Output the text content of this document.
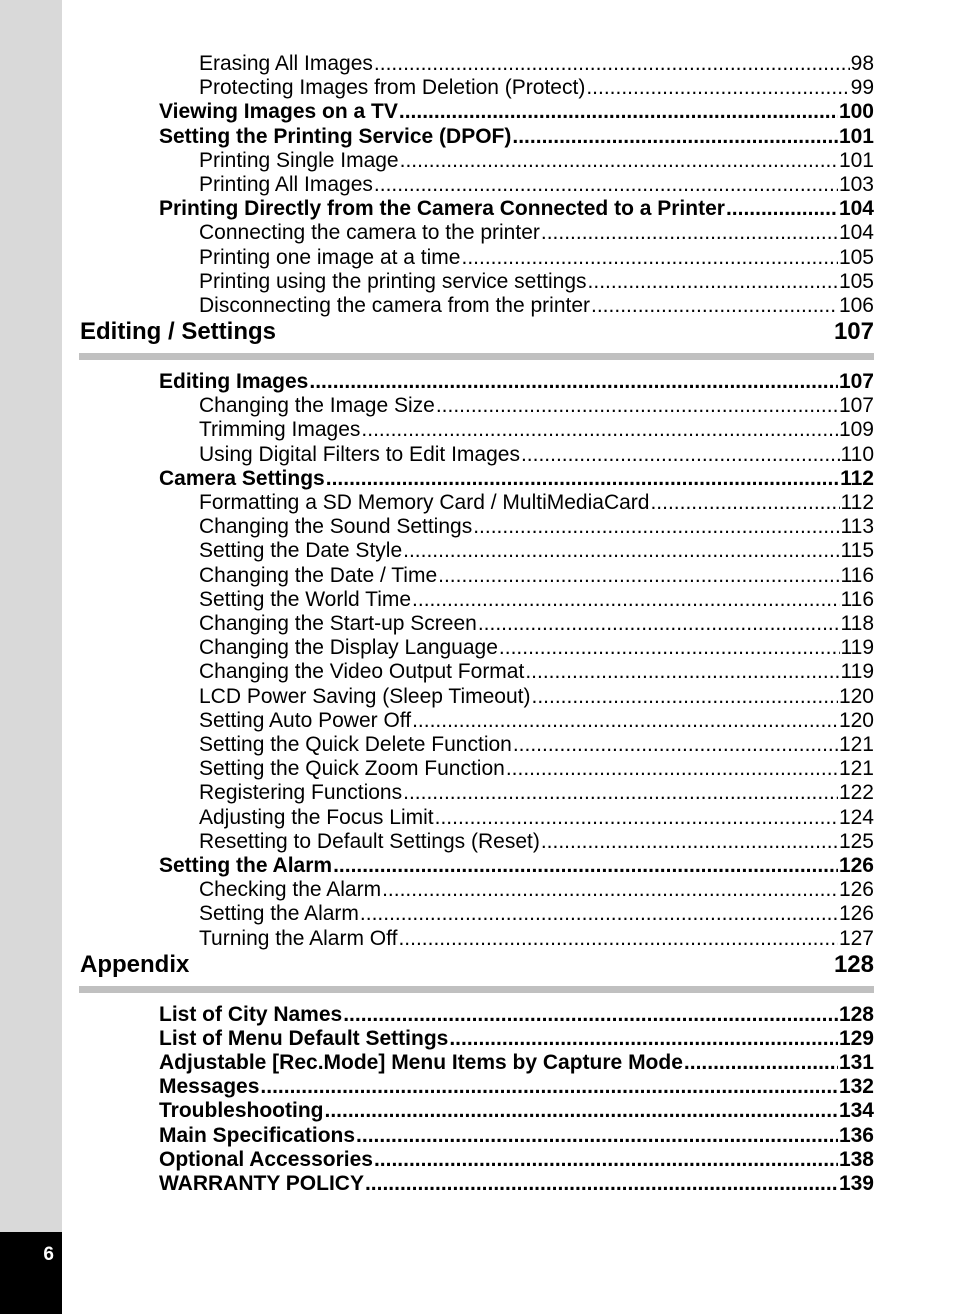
6
Erasing All Images .....	98
Protecting Images from Deletion (Protect) .....	99
Viewing Images on a TV .....	100
Setting the Printing Service (DPOF) .....	101
Printing Single Image .....	101
Printing All Images .....	103
Printing Directly from the Camera Connected to a Printer .....	104
Connecting the camera to the printer .....	104
Printing one image at a time .....	105
Printing using the printing service settings .....	105
Disconnecting the camera from the printer .....	106
Editing / Settings	107
Editing Images .....	107
Changing the Image Size .....	107
Trimming Images .....	109
Using Digital Filters to Edit Images .....	110
Camera Settings .....	112
Formatting a SD Memory Card / MultiMediaCard .....	112
Changing the Sound Settings .....	113
Setting the Date Style .....	115
Changing the Date / Time .....	116
Setting the World Time .....	116
Changing the Start-up Screen .....	118
Changing the Display Language .....	119
Changing the Video Output Format .....	119
LCD Power Saving (Sleep Timeout) .....	120
Setting Auto Power Off .....	120
Setting the Quick Delete Function .....	121
Setting the Quick Zoom Function .....	121
Registering Functions .....	122
Adjusting the Focus Limit .....	124
Resetting to Default Settings (Reset) .....	125
Setting the Alarm .....	126
Checking the Alarm .....	126
Setting the Alarm .....	126
Turning the Alarm Off .....	127
Appendix	128
List of City Names .....	128
List of Menu Default Settings .....	129
Adjustable [Rec.Mode] Menu Items by Capture Mode .....	131
Messages .....	132
Troubleshooting .....	134
Main Specifications .....	136
Optional Accessories .....	138
WARRANTY POLICY .....	139
